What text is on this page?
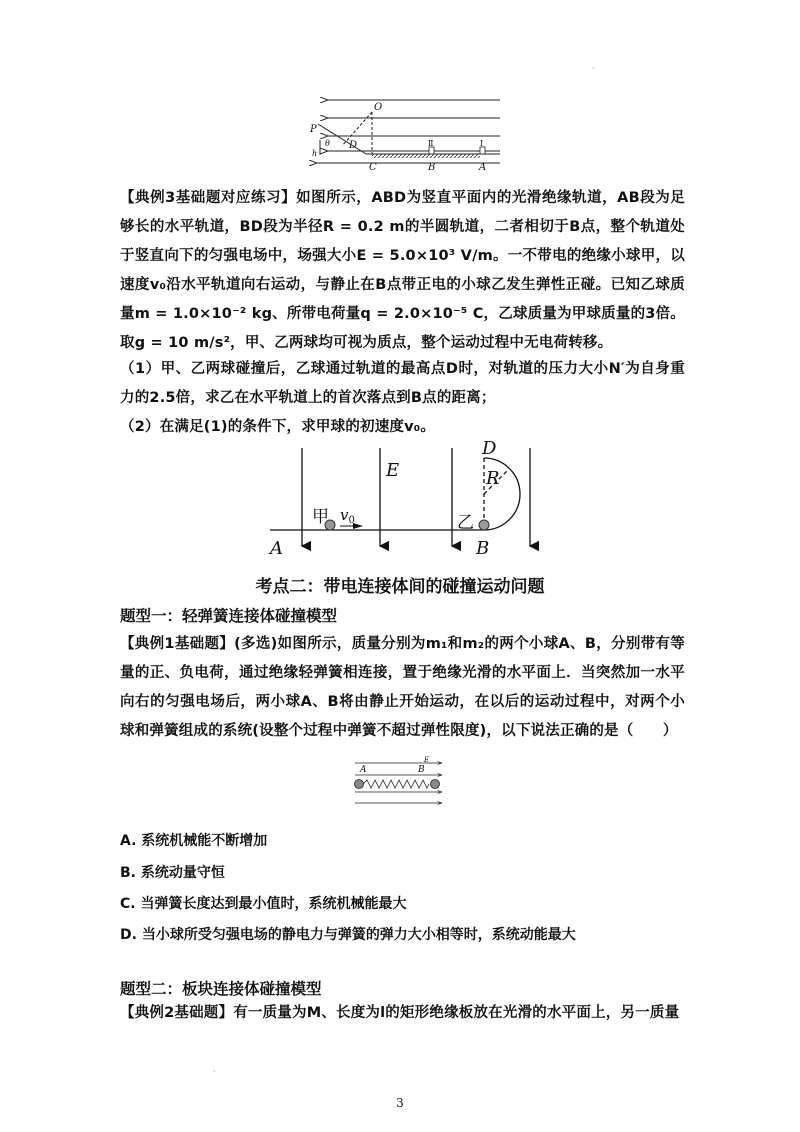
·
O
P
θ
h
D
C	B	A
Ⅱ	Ⅰ
【典例3基础题对应练习】如图所示，ABD为竖直平面内的光滑绝缘轨道，AB段为足够长的水平轨道，BD段为半径R = 0.2 m的半圆轨道，二者相切于B点，整个轨道处于竖直向下的匀强电场中，场强大小E = 5.0×10³ V/m。一不带电的绝缘小球甲，以速度v₀沿水平轨道向右运动，与静止在B点带正电的小球乙发生弹性正碰。已知乙球质量m = 1.0×10⁻² kg、所带电荷量q = 2.0×10⁻⁵ C，乙球质量为甲球质量的3倍。取g = 10 m/s²，甲、乙两球均可视为质点，整个运动过程中无电荷转移。
（1）甲、乙两球碰撞后，乙球通过轨道的最高点D时，对轨道的压力大小N′为自身重力的2.5倍，求乙在水平轨道上的首次落点到B点的距离；
（2）在满足(1)的条件下，求甲球的初速度v₀。
E
D
R
A	B
$v_0$
甲	乙
考点二：带电连接体间的碰撞运动问题
题型一：轻弹簧连接体碰撞模型
【典例1基础题】(多选)如图所示，质量分别为m₁和m₂的两个小球A、B，分别带有等量的正、负电荷，通过绝缘轻弹簧相连接，置于绝缘光滑的水平面上．当突然加一水平向右的匀强电场后，两小球A、B将由静止开始运动，在以后的运动过程中，对两个小球和弹簧组成的系统(设整个过程中弹簧不超过弹性限度)，以下说法正确的是（　　）
A	B
E
A. 系统机械能不断增加
B. 系统动量守恒
C. 当弹簧长度达到最小值时，系统机械能最大
D. 当小球所受匀强电场的静电力与弹簧的弹力大小相等时，系统动能最大
题型二：板块连接体碰撞模型
【典例2基础题】有一质量为M、长度为l的矩形绝缘板放在光滑的水平面上，另一质量
·
3
